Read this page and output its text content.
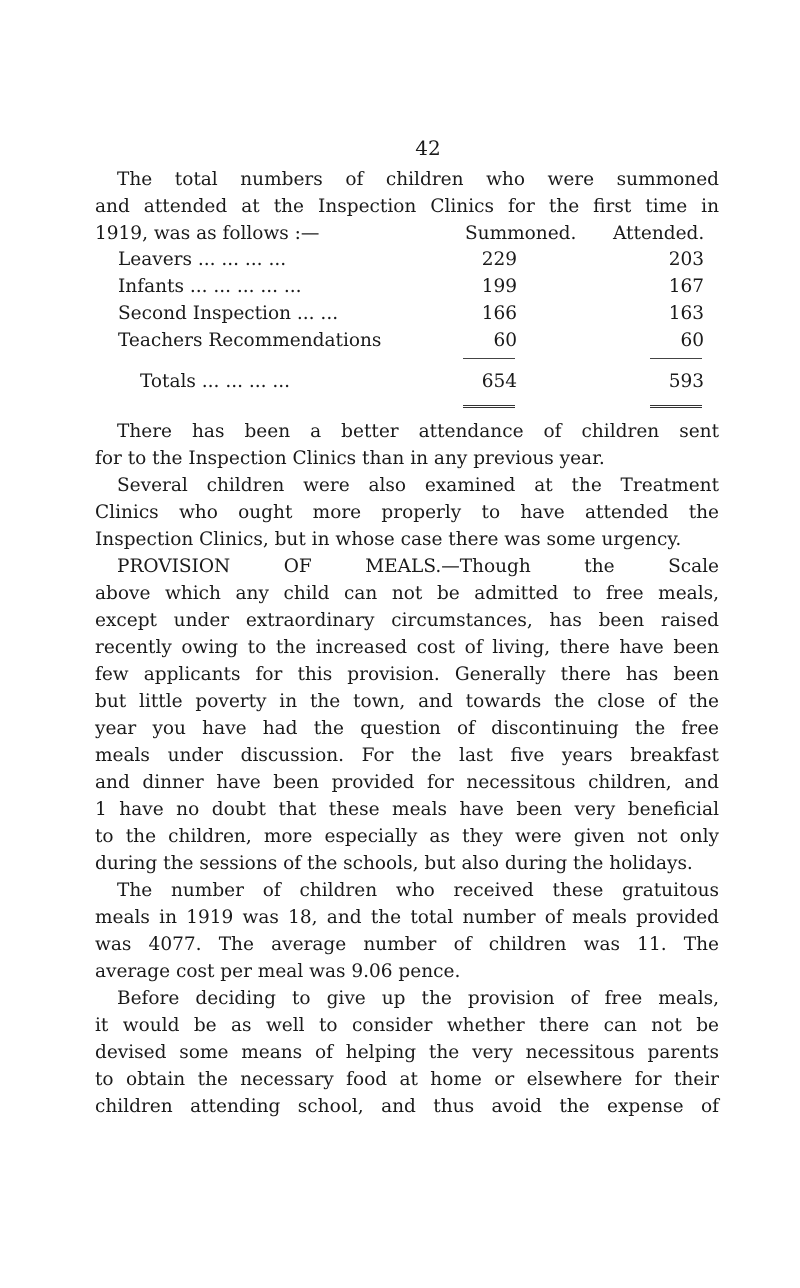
42
The total numbers of children who were summoned
and attended at the Inspection Clinics for the first time in
1919, was as follows :—	Summoned. Attended.
Leavers ... ... ... ...	229	203
Infants ... ... ... ... ...	199	167
Second Inspection ... ...	166	163
Teachers Recommendations	60	60
Totals ... ... ... ...	654	593
There has been a better attendance of children sent
for to the Inspection Clinics than in any previous year.
Several children were also examined at the Treatment
Clinics who ought more properly to have attended the
Inspection Clinics, but in whose case there was some urgency.
PROVISION OF MEALS.—Though the Scale
above which any child can not be admitted to free meals,
except under extraordinary circumstances, has been raised
recently owing to the increased cost of living, there have been
few applicants for this provision. Generally there has been
but little poverty in the town, and towards the close of the
year you have had the question of discontinuing the free
meals under discussion. For the last five years breakfast
and dinner have been provided for necessitous children, and
1 have no doubt that these meals have been very beneficial
to the children, more especially as they were given not only
during the sessions of the schools, but also during the holidays.
The number of children who received these gratuitous
meals in 1919 was 18, and the total number of meals provided
was 4077. The average number of children was 11. The
average cost per meal was 9.06 pence.
Before deciding to give up the provision of free meals,
it would be as well to consider whether there can not be
devised some means of helping the very necessitous parents
to obtain the necessary food at home or elsewhere for their
children attending school, and thus avoid the expense of
